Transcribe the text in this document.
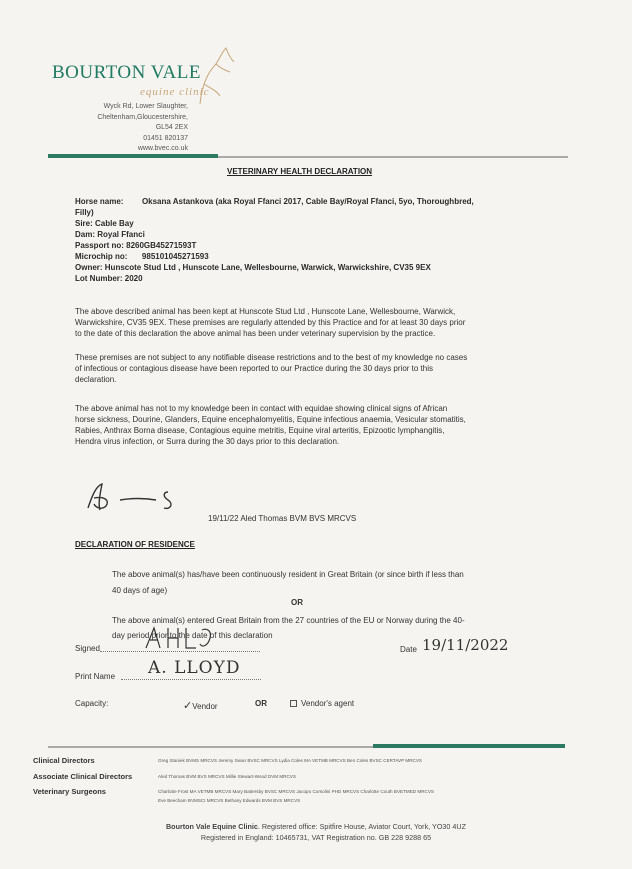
BOURTON VALE
equine clinic
Wyck Rd, Lower Slaughter,
Cheltenham,Gloucestershire,
GL54 2EX
01451 820137
www.bvec.co.uk
VETERINARY HEALTH DECLARATION
Horse name: Oksana Astankova (aka Royal Ffanci 2017, Cable Bay/Royal Ffanci, 5yo, Thoroughbred,
Filly)
Sire: Cable Bay
Dam: Royal Ffanci
Passport no: 8260GB45271593T
Microchip no: 985101045271593
Owner: Hunscote Stud Ltd , Hunscote Lane, Wellesbourne, Warwick, Warwickshire, CV35 9EX
Lot Number: 2020
The above described animal has been kept at Hunscote Stud Ltd , Hunscote Lane, Wellesbourne, Warwick,
Warwickshire, CV35 9EX. These premises are regularly attended by this Practice and for at least 30 days prior
to the date of this declaration the above animal has been under veterinary supervision by the practice.
These premises are not subject to any notifiable disease restrictions and to the best of my knowledge no cases
of infectious or contagious disease have been reported to our Practice during the 30 days prior to this
declaration.
The above animal has not to my knowledge been in contact with equidae showing clinical signs of African
horse sickness, Dourine, Glanders, Equine encephalomyelitis, Equine infectious anaemia, Vesicular stomatitis,
Rabies, Anthrax Borna disease, Contagious equine metritis, Equine viral arteritis, Epizootic lymphangitis,
Hendra virus infection, or Surra during the 30 days prior to this declaration.
19/11/22 Aled Thomas BVM BVS MRCVS
DECLARATION OF RESIDENCE
The above animal(s) has/have been continuously resident in Great Britain (or since birth if less than
40 days of age)
OR
The above animal(s) entered Great Britain from the 27 countries of the EU or Norway during the 40-
day period prior to the date of this declaration
Signed	Date 19/11/2022
Print Name A. LLOYD
Capacity:	✓Vendor	OR	Vendor's agent
Clinical Directors	Greg Staniek BVMS MRCVS Jeremy Swan BVSC MRCVS Lydia Coles MA VETMB MRCVS Ben Coles BVSC CERTAVP MRCVS
Associate Clinical Directors	Aled Thomas BVM BVS MRCVS Millie Stewart-Wood DVM MRCVS
Veterinary Surgeons	Charlotte Frost MA VETMB MRCVS Mary Battersby BVSC MRCVS Jacopo Corsolini PHD MRCVS Charlotte Couth BVETMED MRCVS
Eve Beecham BVMSCI MRCVS Bethany Edwards BVM BVS MRCVS
Bourton Vale Equine Clinic. Registered office: Spitfire House, Aviator Court, York, YO30 4UZ
Registered in England: 10465731, VAT Registration no. GB 228 9288 65
